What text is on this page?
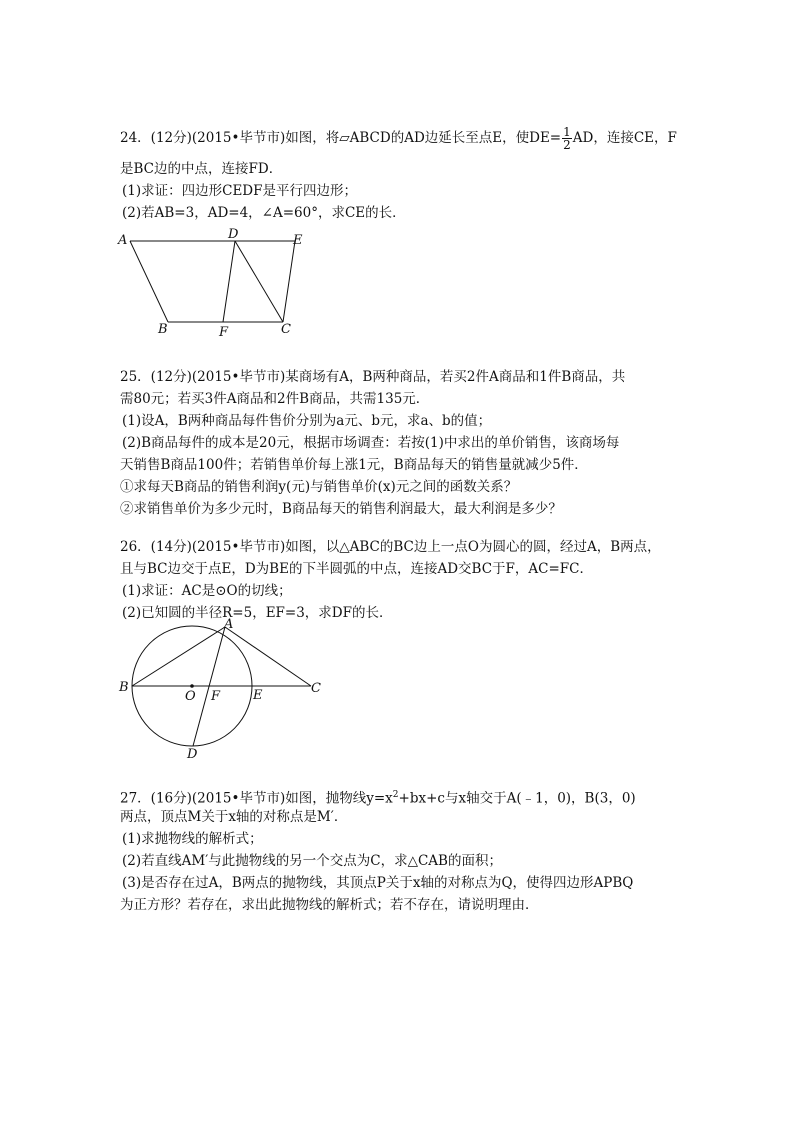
24．(12分)(2015•毕节市)如图，将▱ABCD的AD边延长至点E，使$DE= \frac{1}{2}$ AD，连接CE，F
是BC边的中点，连接FD．
(1)求证：四边形CEDF是平行四边形；
(2)若AB=3，AD=4，∠A=60°，求CE的长．
A	D	E
B	F	C
25．(12分)(2015•毕节市)某商场有A，B两种商品，若买2件A商品和1件B商品，共
需80元；若买3件A商品和2件B商品，共需135元．
(1)设A，B两种商品每件售价分别为a元、b元，求a、b的值；
(2)B商品每件的成本是20元，根据市场调查：若按(1)中求出的单价销售，该商场每
天销售B商品100件；若销售单价每上涨1元，B商品每天的销售量就减少5件．
①求每天B商品的销售利润y(元)与销售单价(x)元之间的函数关系？
②求销售单价为多少元时，B商品每天的销售利润最大，最大利润是多少？
26．(14分)(2015•毕节市)如图，以△ABC的BC边上一点O为圆心的圆，经过A，B两点，
且与BC边交于点E，D为BE的下半圆弧的中点，连接AD交BC于F，AC=FC．
(1)求证：AC是⊙O的切线；
(2)已知圆的半径R=5，EF=3，求DF的长．
A
B
O F	E	C
D
27．(16分)(2015•毕节市)如图，抛物线$y=x^2+bx+c$与x轴交于A(﹣1，0)，B(3，0)
两点，顶点M关于x轴的对称点是M′．
(1)求抛物线的解析式；
(2)若直线AM′与此抛物线的另一个交点为C，求△CAB的面积；
(3)是否存在过A，B两点的抛物线，其顶点P关于x轴的对称点为Q，使得四边形APBQ
为正方形？若存在，求出此抛物线的解析式；若不存在，请说明理由．
